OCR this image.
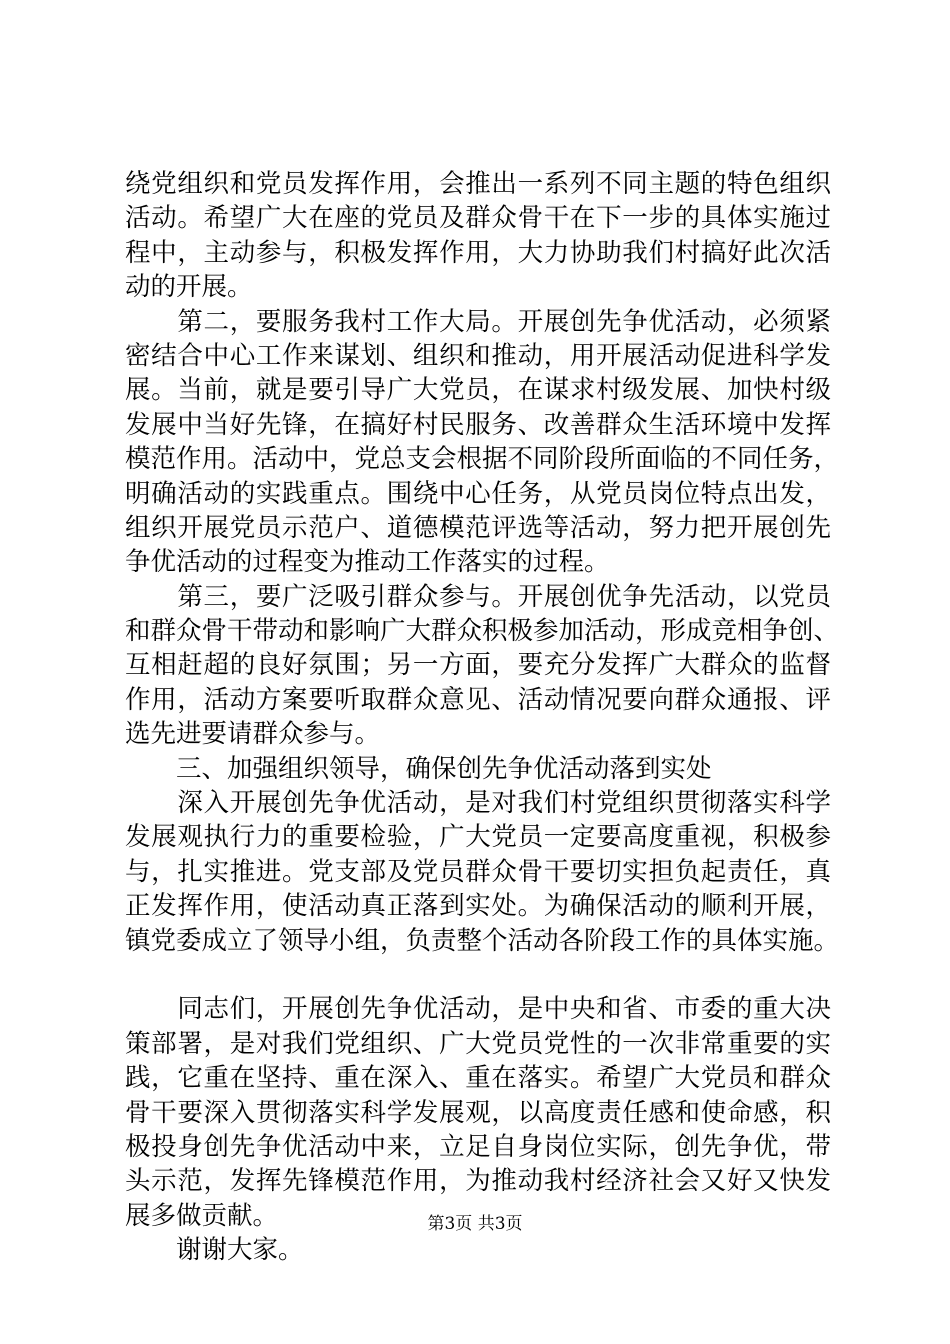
绕党组织和党员发挥作用，会推出一系列不同主题的特色组织
活动。希望广大在座的党员及群众骨干在下一步的具体实施过
程中，主动参与，积极发挥作用，大力协助我们村搞好此次活
动的开展。
　　第二，要服务我村工作大局。开展创先争优活动，必须紧
密结合中心工作来谋划、组织和推动，用开展活动促进科学发
展。当前，就是要引导广大党员，在谋求村级发展、加快村级
发展中当好先锋，在搞好村民服务、改善群众生活环境中发挥
模范作用。活动中，党总支会根据不同阶段所面临的不同任务，
明确活动的实践重点。围绕中心任务，从党员岗位特点出发，
组织开展党员示范户、道德模范评选等活动，努力把开展创先
争优活动的过程变为推动工作落实的过程。
　　第三，要广泛吸引群众参与。开展创优争先活动，以党员
和群众骨干带动和影响广大群众积极参加活动，形成竞相争创、
互相赶超的良好氛围；另一方面，要充分发挥广大群众的监督
作用，活动方案要听取群众意见、活动情况要向群众通报、评
选先进要请群众参与。
　　三、加强组织领导，确保创先争优活动落到实处
　　深入开展创先争优活动，是对我们村党组织贯彻落实科学
发展观执行力的重要检验，广大党员一定要高度重视，积极参
与，扎实推进。党支部及党员群众骨干要切实担负起责任，真
正发挥作用，使活动真正落到实处。为确保活动的顺利开展，
镇党委成立了领导小组，负责整个活动各阶段工作的具体实施。
　　同志们，开展创先争优活动，是中央和省、市委的重大决
策部署，是对我们党组织、广大党员党性的一次非常重要的实
践，它重在坚持、重在深入、重在落实。希望广大党员和群众
骨干要深入贯彻落实科学发展观，以高度责任感和使命感，积
极投身创先争优活动中来，立足自身岗位实际，创先争优，带
头示范，发挥先锋模范作用，为推动我村经济社会又好又快发
展多做贡献。
　　谢谢大家。
第3页 共3页
